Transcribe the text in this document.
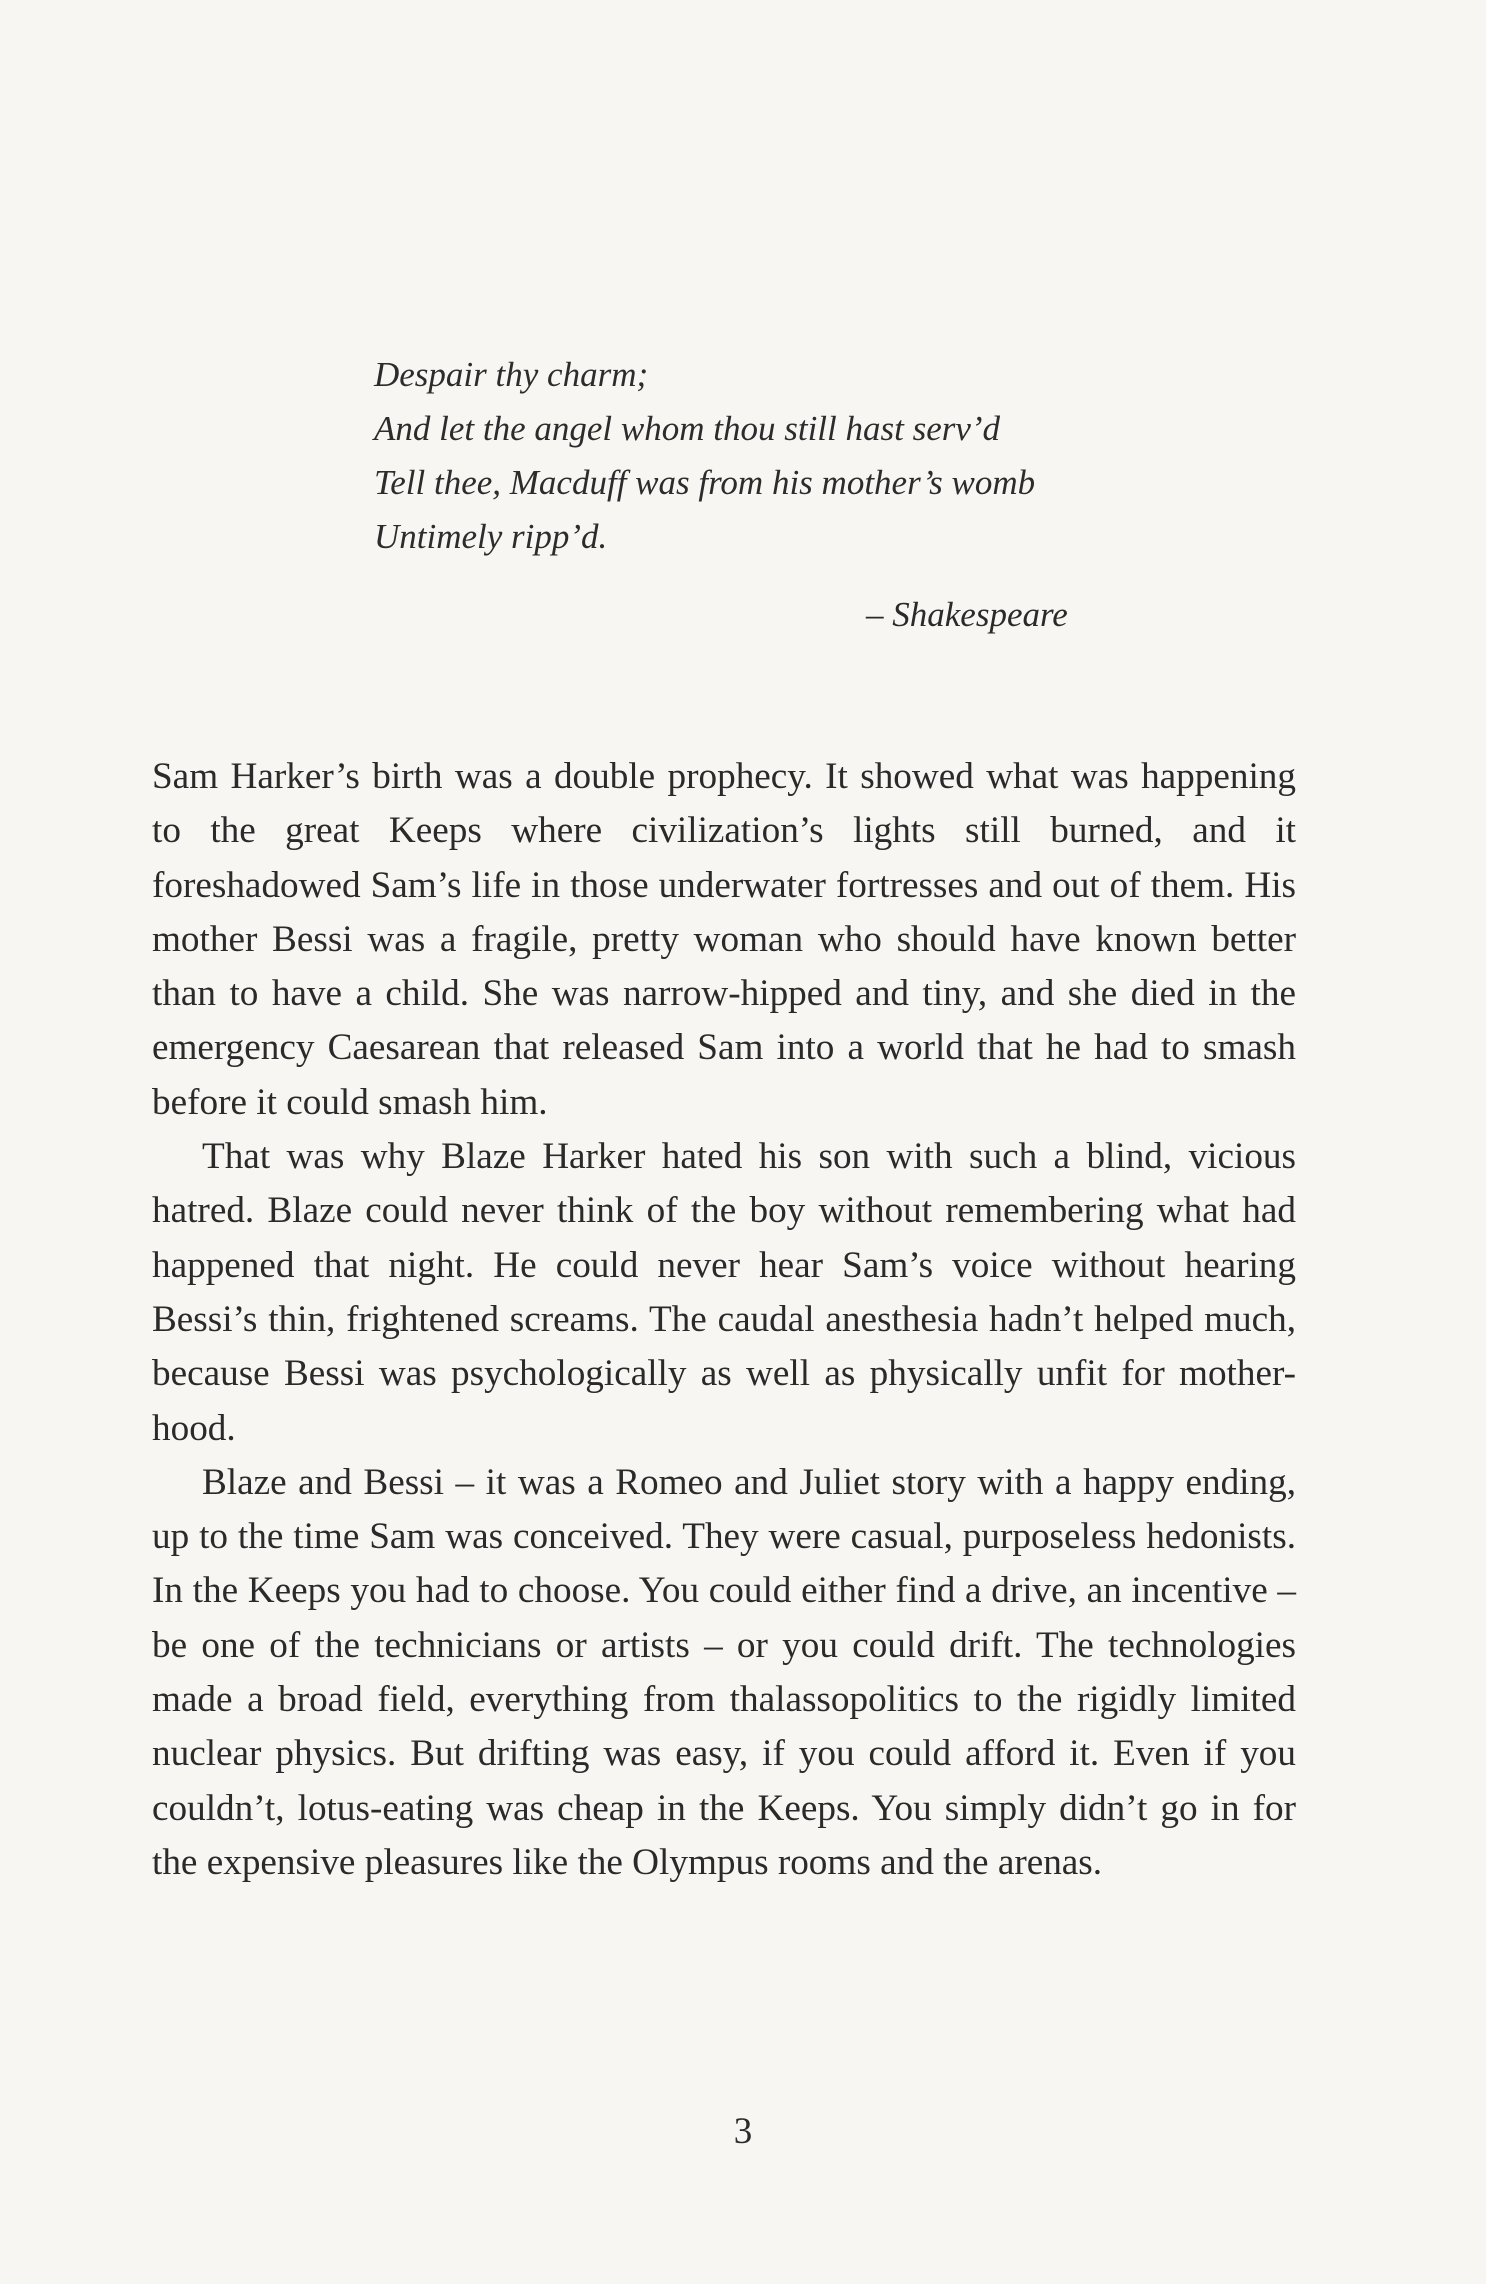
Despair thy charm;
And let the angel whom thou still hast serv’d
Tell thee, Macduff was from his mother’s womb
Untimely ripp’d.
– Shakespeare

Sam Harker’s birth was a double prophecy. It showed what was happening to the great Keeps where civilization’s lights still burned, and it foreshadowed Sam’s life in those underwater fortresses and out of them. His mother Bessi was a fragile, pretty woman who should have known better than to have a child. She was narrow-hipped and tiny, and she died in the emergency Caesarean that released Sam into a world that he had to smash before it could smash him.

That was why Blaze Harker hated his son with such a blind, vicious hatred. Blaze could never think of the boy without remembering what had happened that night. He could never hear Sam’s voice without hearing Bessi’s thin, frightened screams. The caudal anesthesia hadn’t helped much, because Bessi was psychologically as well as physically unfit for mother-hood.

Blaze and Bessi – it was a Romeo and Juliet story with a happy ending, up to the time Sam was conceived. They were casual, purposeless hedonists. In the Keeps you had to choose. You could either find a drive, an incentive – be one of the technicians or artists – or you could drift. The technologies made a broad field, everything from thalassopolitics to the rigidly limited nuclear physics. But drifting was easy, if you could afford it. Even if you couldn’t, lotus-eating was cheap in the Keeps. You simply didn’t go in for the expensive pleasures like the Olympus rooms and the arenas.

3
